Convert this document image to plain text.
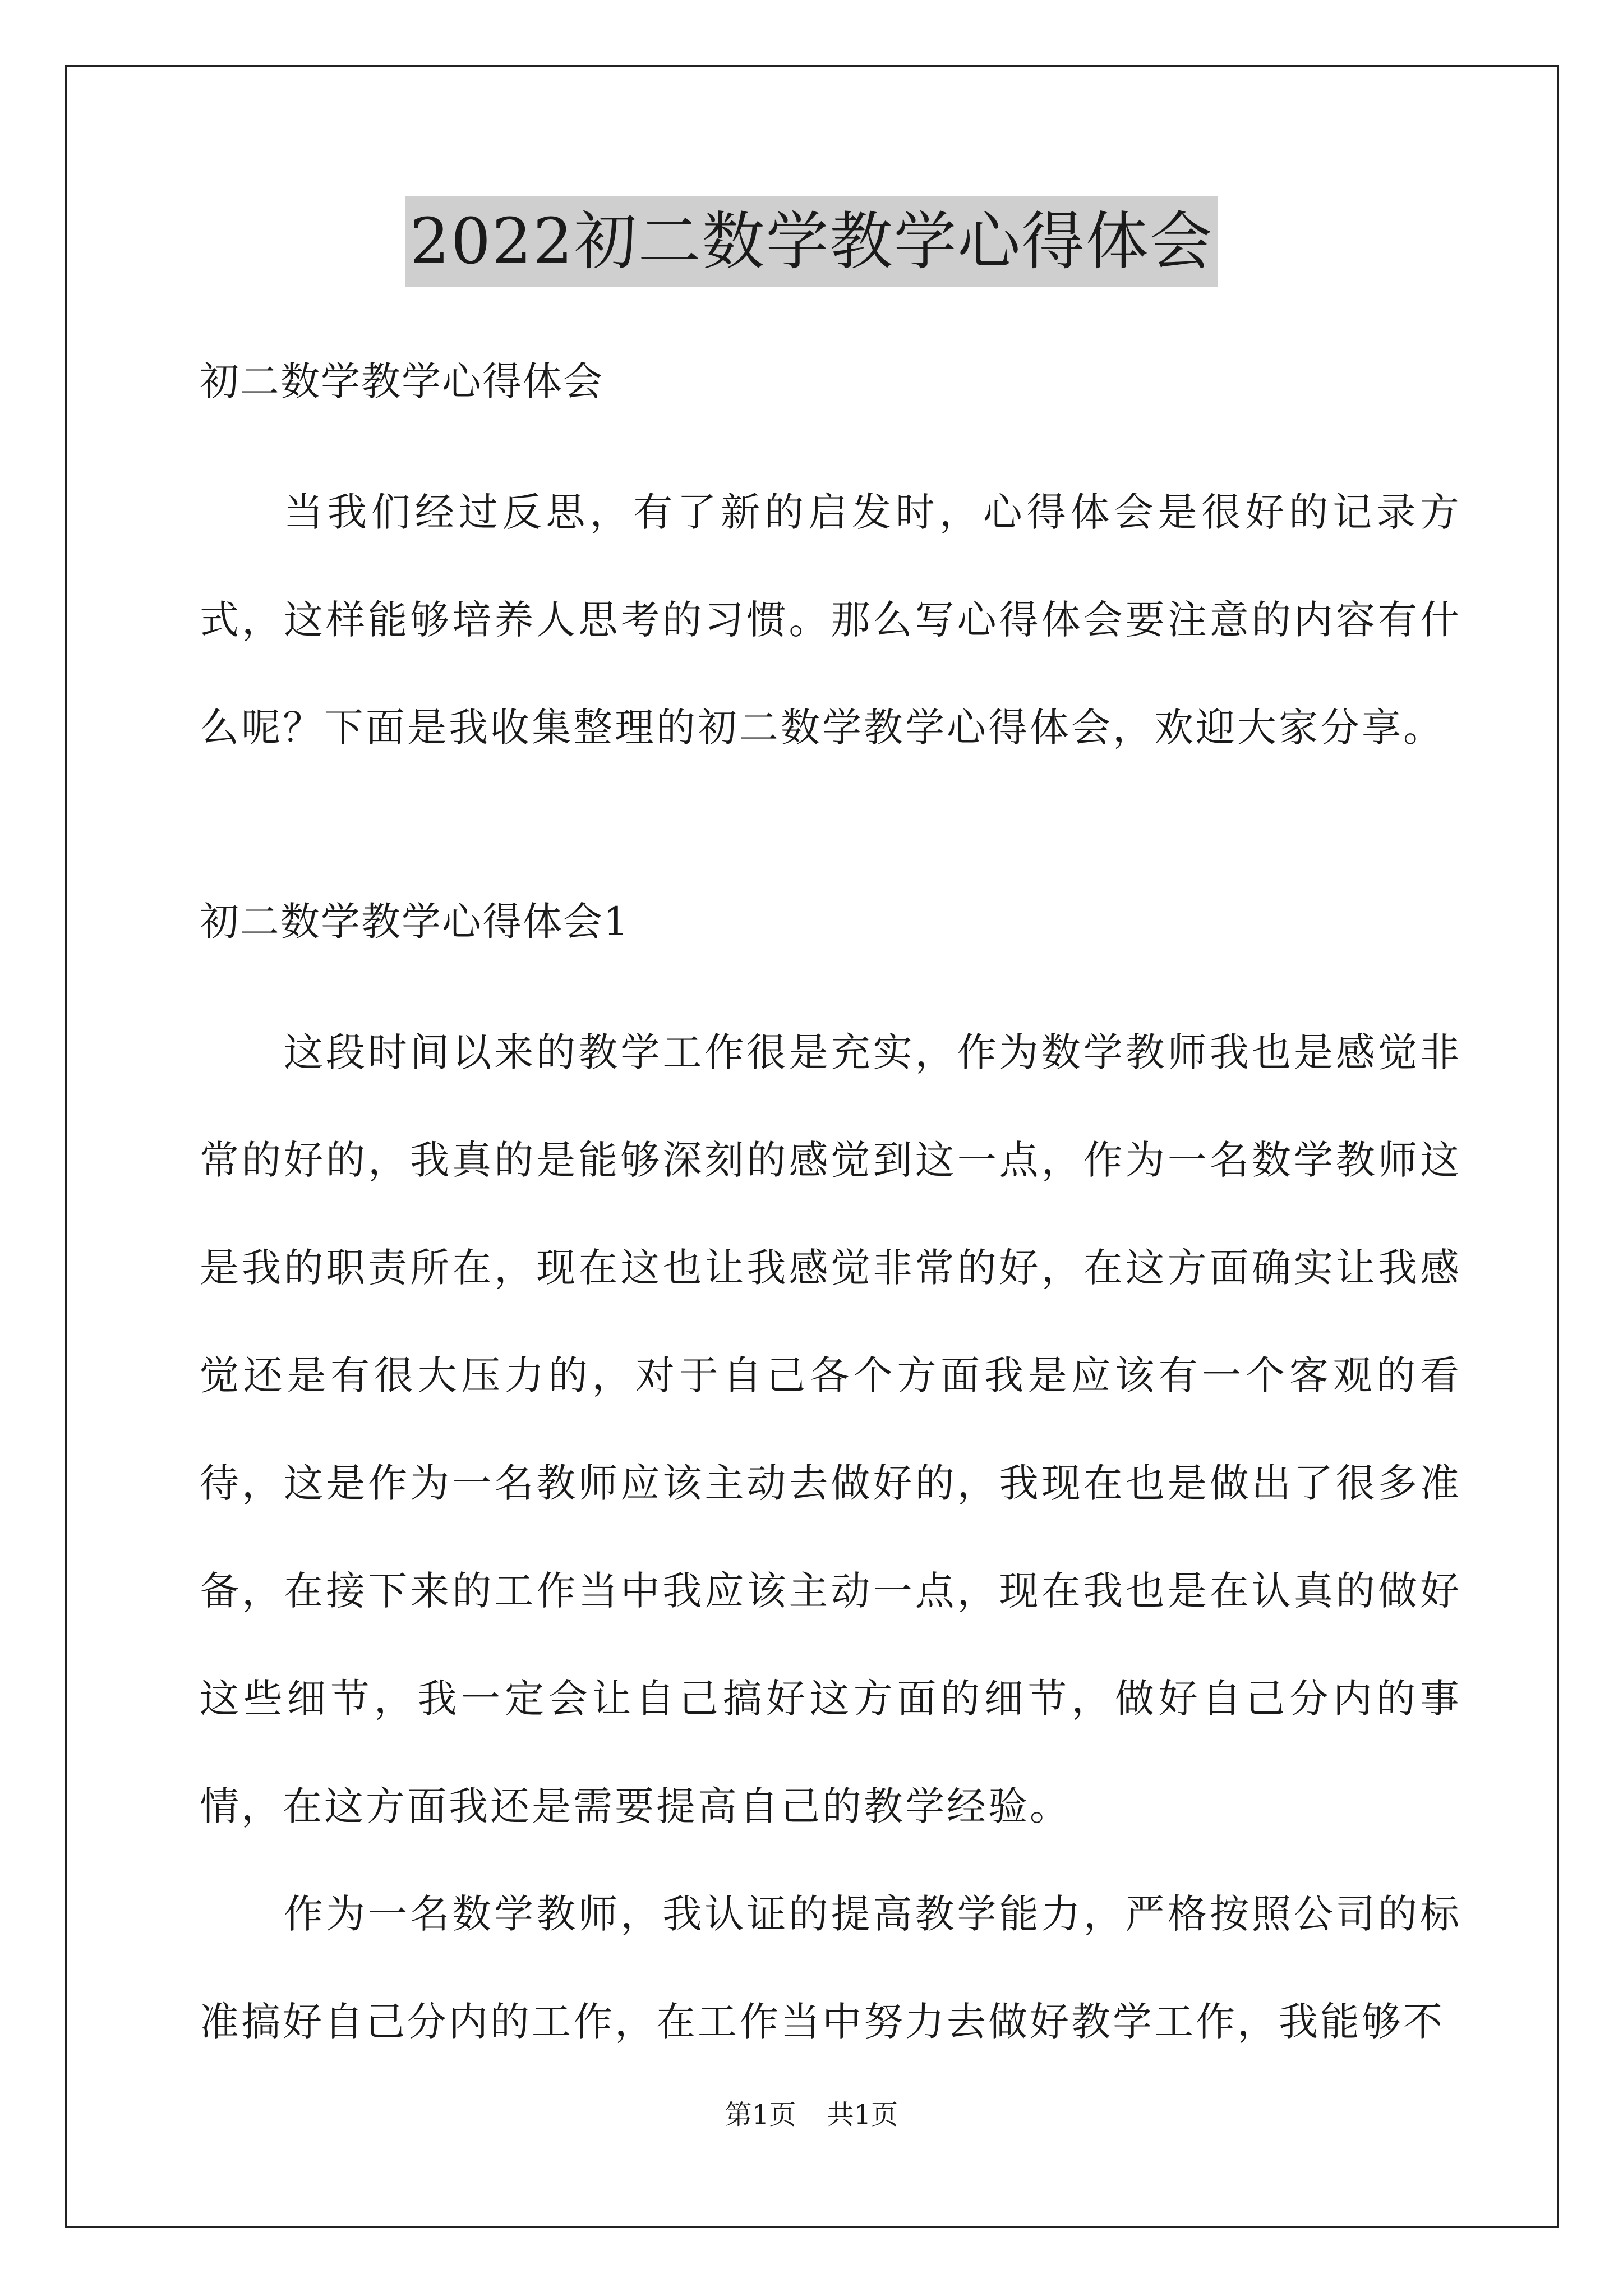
2022初二数学教学心得体会

初二数学教学心得体会

当我们经过反思，有了新的启发时，心得体会是很好的记录方式，这样能够培养人思考的习惯。那么写心得体会要注意的内容有什么呢？下面是我收集整理的初二数学教学心得体会，欢迎大家分享。

初二数学教学心得体会1

这段时间以来的教学工作很是充实，作为数学教师我也是感觉非常的好的，我真的是能够深刻的感觉到这一点，作为一名数学教师这是我的职责所在，现在这也让我感觉非常的好，在这方面确实让我感觉还是有很大压力的，对于自己各个方面我是应该有一个客观的看待，这是作为一名教师应该主动去做好的，我现在也是做出了很多准备，在接下来的工作当中我应该主动一点，现在我也是在认真的做好这些细节，我一定会让自己搞好这方面的细节，做好自己分内的事情，在这方面我还是需要提高自己的教学经验。

作为一名数学教师，我认证的提高教学能力，严格按照公司的标准搞好自己分内的工作，在工作当中努力去做好教学工作，我能够不

第1页 共1页
